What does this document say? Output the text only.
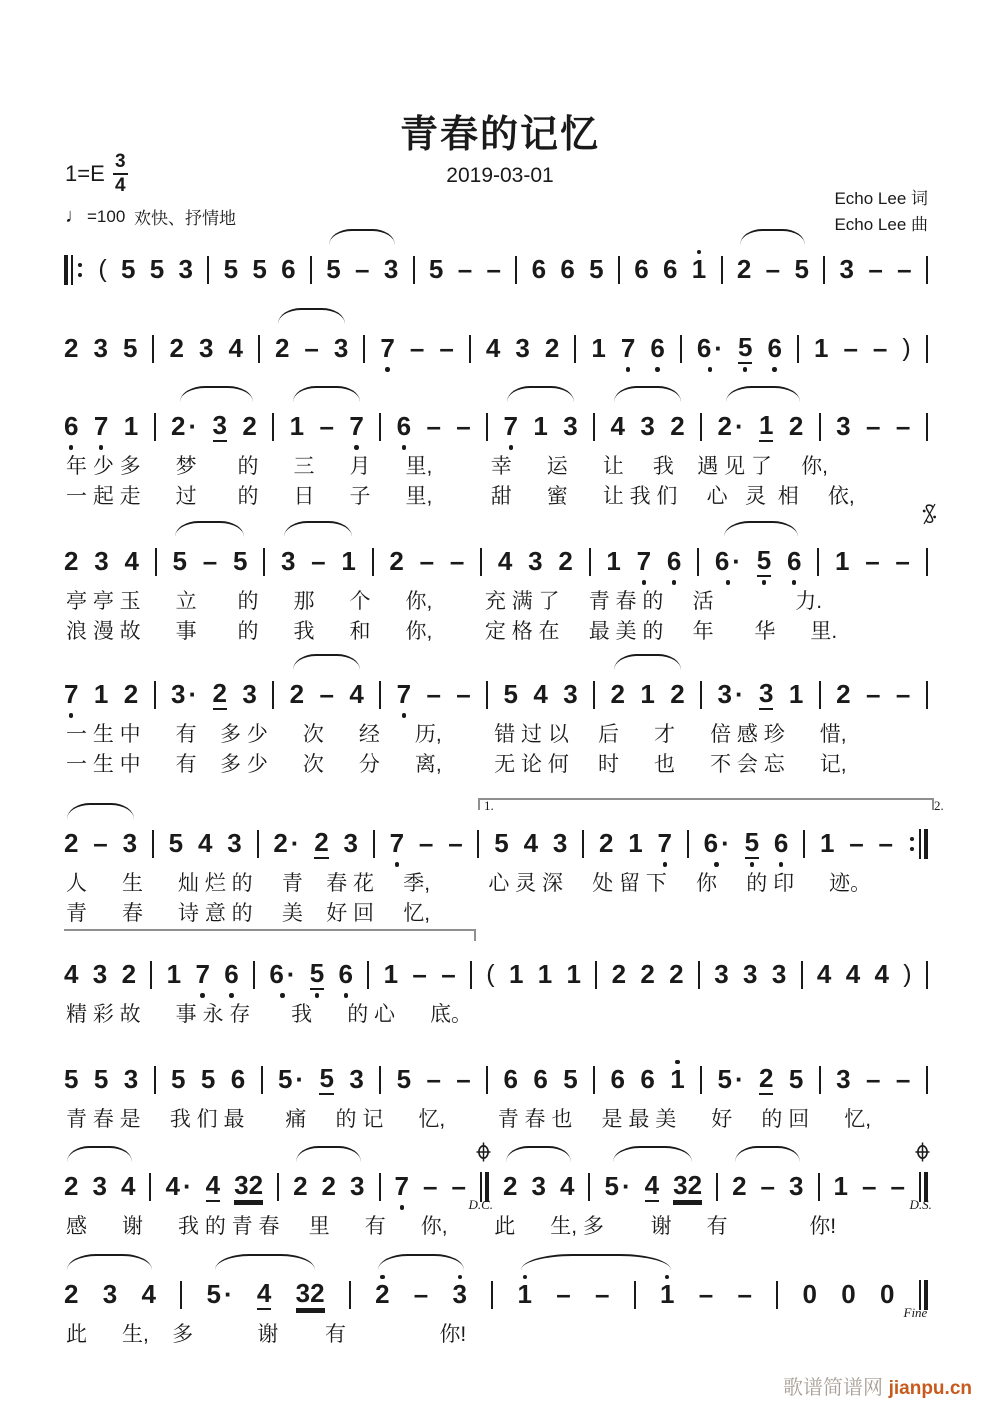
青春的记忆
2019-03-01
1=E 3
4
♩ =100
欢快、抒情地
Echo Lee 词
Echo Lee 曲
( 5 5 3 5 5 6 5 – 3 5 – – 6 6 5 6 6 1 2 – 5 3 – –
2 3 5 2 3 4 2 – 3 7 – – 4 3 2 1 7 6 6 · 5 6 1 – – )
6 7 1 2 · 3 2 1 – 7 6 – – 7 1 3 4 3 2 2 · 1 2 3 – –
年 少 多      梦       的      三      月      里,          幸      运      让     我    遇 见 了     你,
一 起 走      过       的      日      子      里,          甜      蜜      让 我 们     心   灵  相     依,
2 3 4 5 – 5 3 – 1 2 – – 4 3 2 1 7 6 6 · 5 6 1 – –
亭 亭 玉      立       的      那      个      你,         充 满 了     青 春 的     活              力.
浪 漫 故      事       的      我      和      你,         定 格 在     最 美 的     年       华      里.
7 1 2 3 · 2 3 2 – 4 7 – – 5 4 3 2 1 2 3 · 3 1 2 – –
一 生 中      有    多 少      次      经      历,         错 过 以     后      才      倍 感 珍      惜,
一 生 中      有    多 少      次      分      离,         无 论 何     时      也      不 会 忘      记,
2 – 3 5 4 3 2 · 2 3 7 – – 5 4 3 2 1 7 6 · 5 6 1 – –
1.	2.
人      生      灿 烂 的     青    春 花     季,          心 灵 深     处 留 下     你     的 印      迹。
青      春      诗 意 的     美    好 回     忆,
4 3 2 1 7 6 6 · 5 6 1 – – ( 1 1 1 2 2 2 3 3 3 4 4 4 )
精 彩 故      事 永 存       我      的 心      底。
5 5 3 5 5 6 5 · 5 3 5 – – 6 6 5 6 6 1 5 · 2 5 3 – –
青 春 是     我 们 最       痛     的 记      忆,         青 春 也     是 最 美      好     的 回      忆,
2 3 4 4 · 4 32 2 2 3 7 – – 2 3 4 5 · 4 32 2 – 3 1 – –
D.C.	D.S.
感      谢      我 的 青 春     里      有      你,        此      生, 多        谢      有              你!
2 3 4 5 · 4 32 2 – 3 1 – – 1 – – 0 0 0
Fine
此      生,    多           谢        有                你!
歌谱简谱网 jianpu.cn
